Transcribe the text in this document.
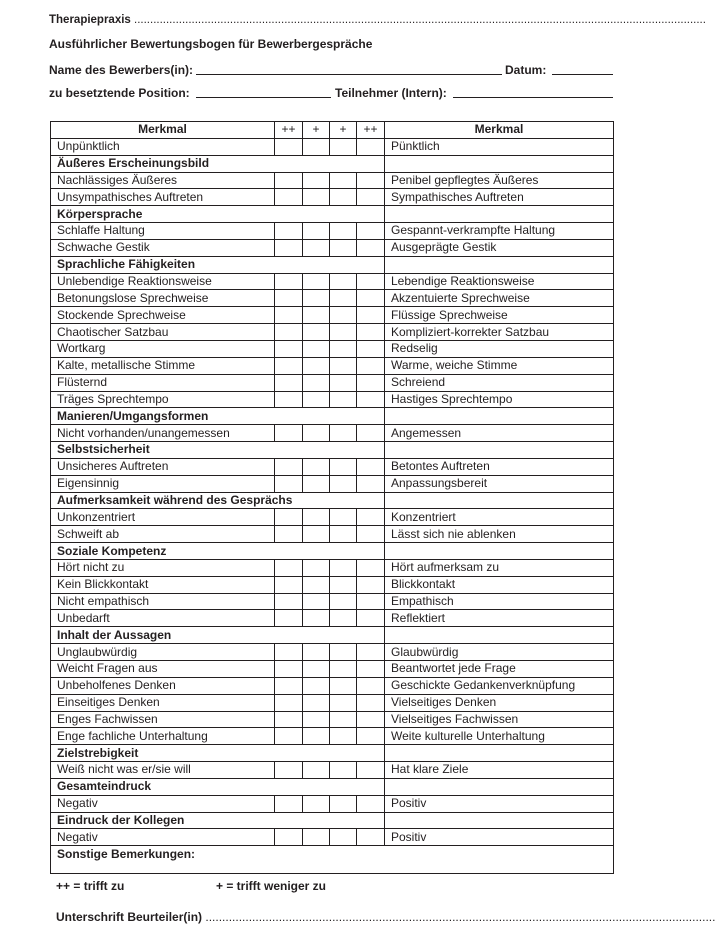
Therapiepraxis ...................................................................................................................................................................................
Ausführlicher Bewertungsbogen für Bewerbergespräche
Name des Bewerbers(in):	Datum:
zu besetztende Position:	Teilnehmer (Intern):
Merkmal	++	+	+	++	Merkmal
Unpünktlich					Pünktlich
Äußeres Erscheinungsbild					
Nachlässiges Äußeres					Penibel gepflegtes Äußeres
Unsympathisches Auftreten					Sympathisches Auftreten
Körpersprache					
Schlaffe Haltung					Gespannt-verkrampfte Haltung
Schwache Gestik					Ausgeprägte Gestik
Sprachliche Fähigkeiten					
Unlebendige Reaktionsweise					Lebendige Reaktionsweise
Betonungslose Sprechweise					Akzentuierte Sprechweise
Stockende Sprechweise					Flüssige Sprechweise
Chaotischer Satzbau					Kompliziert-korrekter Satzbau
Wortkarg					Redselig
Kalte, metallische Stimme					Warme, weiche Stimme
Flüsternd					Schreiend
Träges Sprechtempo					Hastiges Sprechtempo
Manieren/Umgangsformen					
Nicht vorhanden/unangemessen					Angemessen
Selbstsicherheit					
Unsicheres Auftreten					Betontes Auftreten
Eigensinnig					Anpassungsbereit
Aufmerksamkeit während des Gesprächs					
Unkonzentriert					Konzentriert
Schweift ab					Lässt sich nie ablenken
Soziale Kompetenz					
Hört nicht zu					Hört aufmerksam zu
Kein Blickkontakt					Blickkontakt
Nicht empathisch					Empathisch
Unbedarft					Reflektiert
Inhalt der Aussagen					
Unglaubwürdig					Glaubwürdig
Weicht Fragen aus					Beantwortet jede Frage
Unbeholfenes Denken					Geschickte Gedankenverknüpfung
Einseitiges Denken					Vielseitiges Denken
Enges Fachwissen					Vielseitiges Fachwissen
Enge fachliche Unterhaltung					Weite kulturelle Unterhaltung
Zielstrebigkeit					
Weiß nicht was er/sie will					Hat klare Ziele
Gesamteindruck					
Negativ					Positiv
Eindruck der Kollegen					
Negativ					Positiv
Sonstige Bemerkungen:					
++ = trifft zu	+ = trifft weniger zu
Unterschrift Beurteiler(in) .........................................................................................................................................................
